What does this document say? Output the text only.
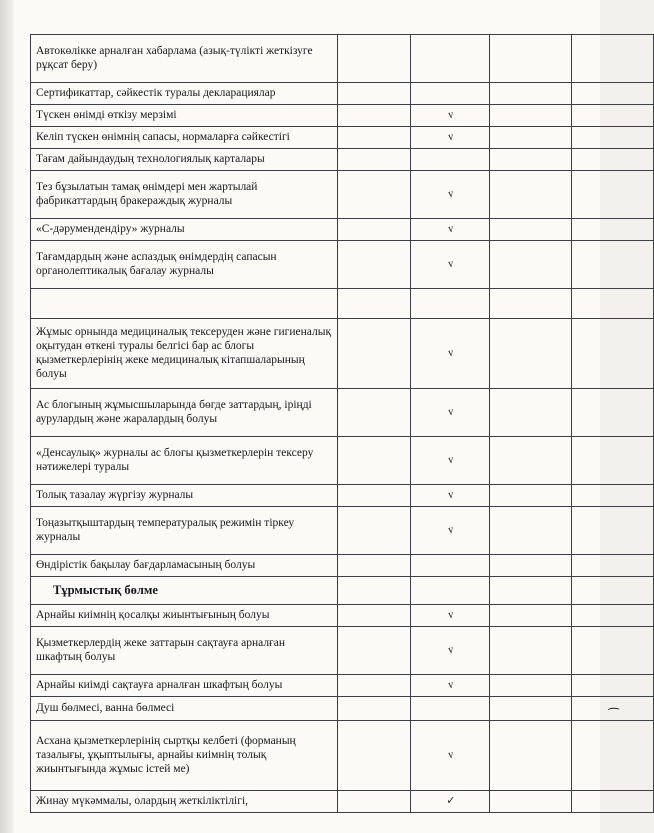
Автокөлікке арналған хабарлама (азық-түлікті жеткізуге рұқсат беру)				
Сертификаттар, сәйкестік туралы декларациялар				
Түскен өнімді өткізу мерзімі		ᴠ		
Келіп түскен өнімнің сапасы, нормаларға сәйкестігі		ᴠ		
Тағам дайындаудың технологиялық карталары				
Тез бұзылатын тамақ өнімдері мен жартылай фабрикаттардың бракераждық журналы		ᴠ		
«С-дәрумендендіру» журналы		ᴠ		
Тағамдардың және аспаздық өнімдердің сапасын органолептикалық бағалау журналы		ᴠ		

Жұмыс орнында медициналық тексеруден және гигиеналық оқытудан өткені туралы белгісі бар ас блогы қызметкерлерінің жеке медициналық кітапшаларының болуы		ᴠ		
Ас блогының жұмысшыларында бөгде заттардың, іріңді аурулардың және жаралардың болуы		ᴠ		
«Денсаулық» журналы ас блогы қызметкерлерін тексеру нәтижелері туралы		ᴠ		
Толық тазалау жүргізу журналы		ᴠ		
Тоңазытқыштардың температуралық режимін тіркеу журналы		ᴠ		
Өндірістік бақылау бағдарламасының болуы				
Тұрмыстық бөлме				
Арнайы киімнің қосалқы жиынтығының болуы		ᴠ		
Қызметкерлердің жеке заттарын сақтауға арналған шкафтың болуы		ᴠ		
Арнайы киімді сақтауға арналған шкафтың болуы		ᴠ		
Душ бөлмесі, ванна бөлмесі				⌢
Асхана қызметкерлерінің сыртқы келбеті (форманың тазалығы, ұқыптылығы, арнайы киімнің толық жиынтығында жұмыс істей ме)		ᴠ		
Жинау мүкәммалы, олардың жеткіліктілігі,		✓		
